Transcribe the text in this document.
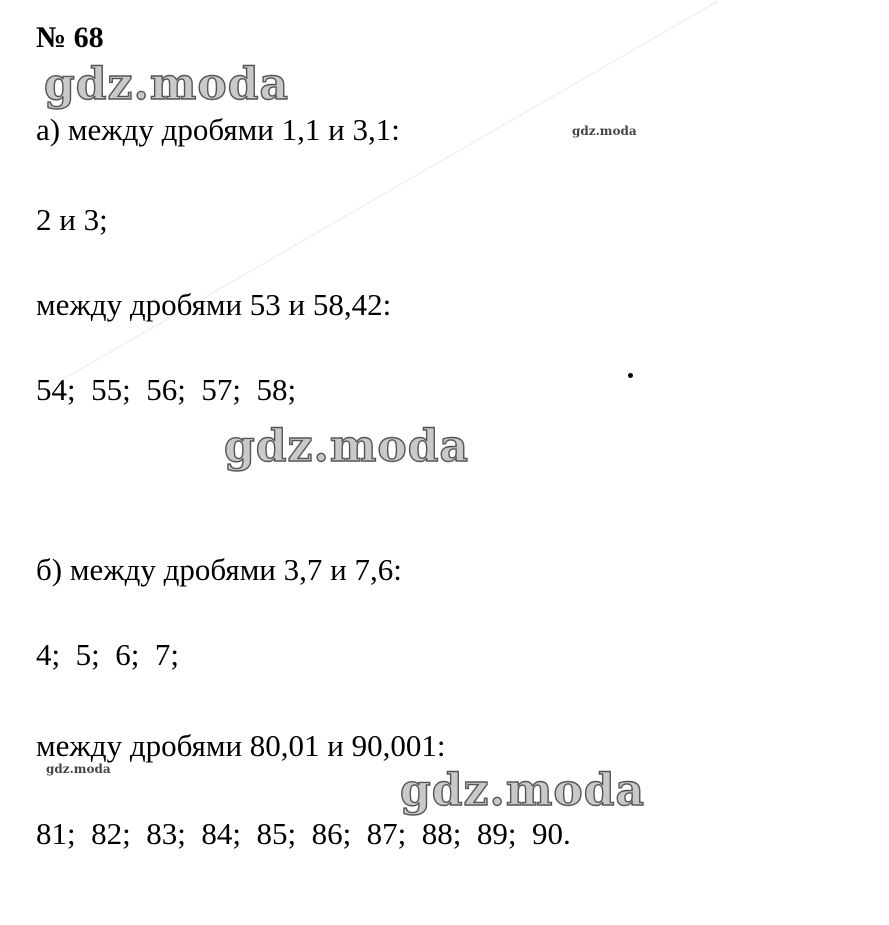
№ 68
gdz.moda
gdz.moda
а) между дробями 1,1 и 3,1:
2 и 3;
между дробями 53 и 58,42:
54;  55;  56;  57;  58;
gdz.moda
б) между дробями 3,7 и 7,6:
4;  5;  6;  7;
между дробями 80,01 и 90,001:
gdz.moda	gdz.moda
81;  82;  83;  84;  85;  86;  87;  88;  89;  90.
